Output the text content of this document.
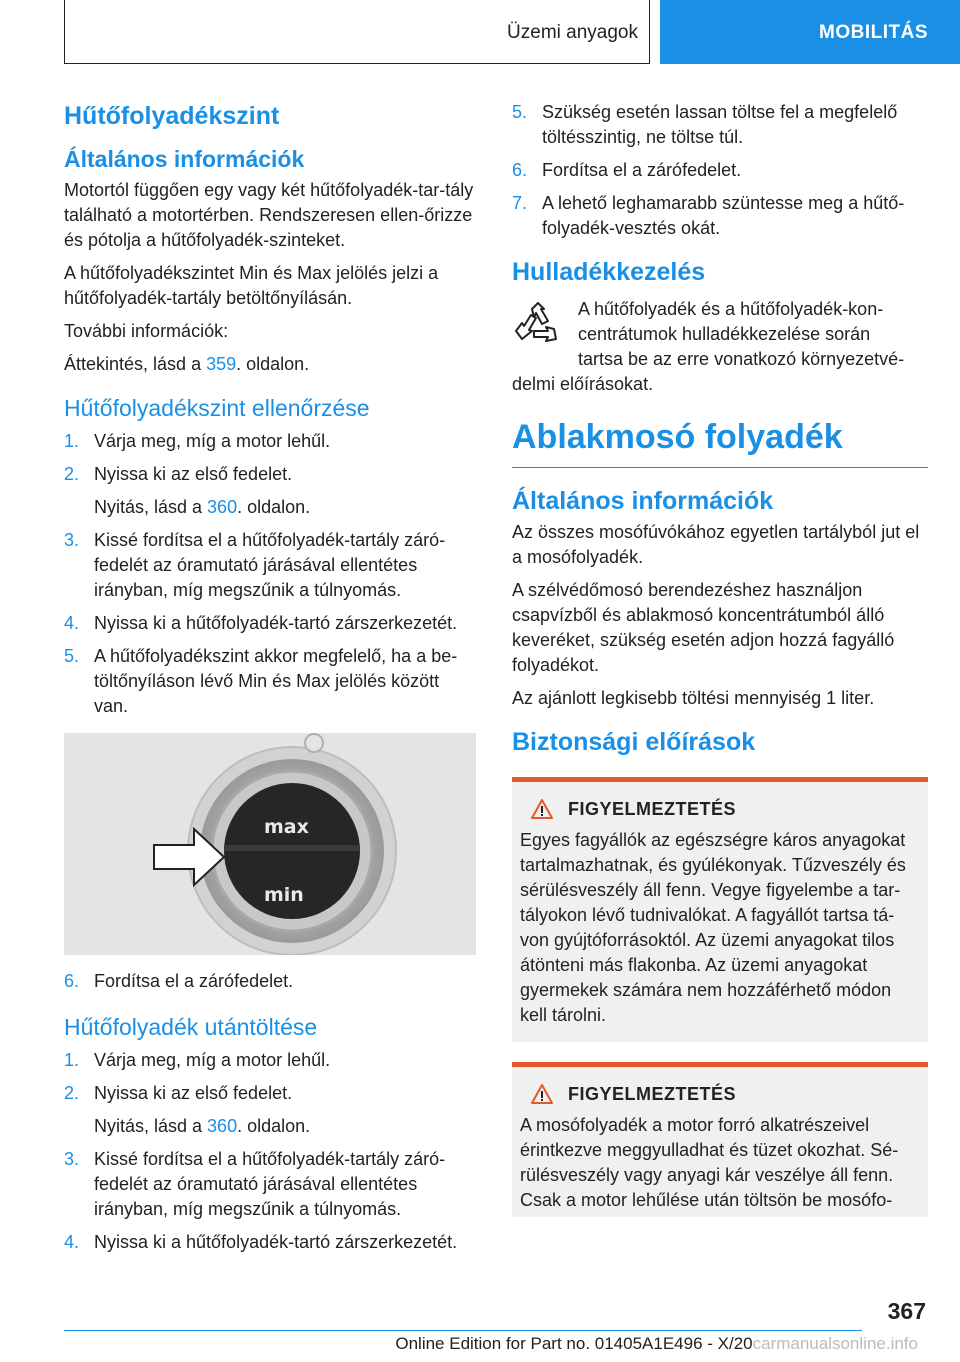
Üzemi anyagok	MOBILITÁS
Hűtőfolyadékszint
Általános információk

Motortól függően egy vagy két hűtőfolyadék-tar-tály található a motortérben. Rendszeresen ellen-őrizze és pótolja a hűtőfolyadék-szinteket.

A hűtőfolyadékszintet Min és Max jelölés jelzi a hűtőfolyadék-tartály betöltőnyílásán.

További információk:

Áttekintés, lásd a 359. oldalon.

Hűtőfolyadékszint ellenőrzése
1. Várja meg, míg a motor lehűl.
2. Nyissa ki az első fedelet.
Nyitás, lásd a 360. oldalon.
3. Kissé fordítsa el a hűtőfolyadék-tartály záró-fedelét az óramutató járásával ellentétes irányban, míg megszűnik a túlnyomás.
4. Nyissa ki a hűtőfolyadék-tartó zárszerkezetét.
5. A hűtőfolyadékszint akkor megfelelő, ha a be-töltőnyíláson lévő Min és Max jelölés között van.
max
min
6. Fordítsa el a zárófedelet.
Hűtőfolyadék utántöltése
1. Várja meg, míg a motor lehűl.
2. Nyissa ki az első fedelet.
Nyitás, lásd a 360. oldalon.
3. Kissé fordítsa el a hűtőfolyadék-tartály záró-fedelét az óramutató járásával ellentétes irányban, míg megszűnik a túlnyomás.
4. Nyissa ki a hűtőfolyadék-tartó zárszerkezetét.
5. Szükség esetén lassan töltse fel a megfelelő töltésszintig, ne töltse túl.
6. Fordítsa el a zárófedelet.
7. A lehető leghamarabb szüntesse meg a hűtő-folyadék-vesztés okát.
Hulladékkezelés
A hűtőfolyadék és a hűtőfolyadék-kon-
centrátumok hulladékkezelése során
tartsa be az erre vonatkozó környezetvé-
delmi előírásokat.
Ablakmosó folyadék
Általános információk

Az összes mosófúvókához egyetlen tartályból jut el a mosófolyadék.

A szélvédőmosó berendezéshez használjon csapvízből és ablakmosó koncentrátumból álló keveréket, szükség esetén adjon hozzá fagyálló folyadékot.

Az ajánlott legkisebb töltési mennyiség 1 liter.

Biztonsági előírások
FIGYELMEZTETÉS

Egyes fagyállók az egészségre káros anyagokat tartalmazhatnak, és gyúlékonyak. Tűzveszély és sérülésveszély áll fenn. Vegye figyelembe a tar-tályokon lévő tudnivalókat. A fagyállót tartsa tá-von gyújtóforrásoktól. Az üzemi anyagokat tilos átönteni más flakonba. Az üzemi anyagokat gyermekek számára nem hozzáférhető módon kell tárolni.

FIGYELMEZTETÉS

A mosófolyadék a motor forró alkatrészeivel érintkezve meggyulladhat és tüzet okozhat. Sé-rülésveszély vagy anyagi kár veszélye áll fenn. Csak a motor lehűlése után töltsön be mosófo-

367
Online Edition for Part no. 01405A1E496 - X/20carmanualsonline.info
